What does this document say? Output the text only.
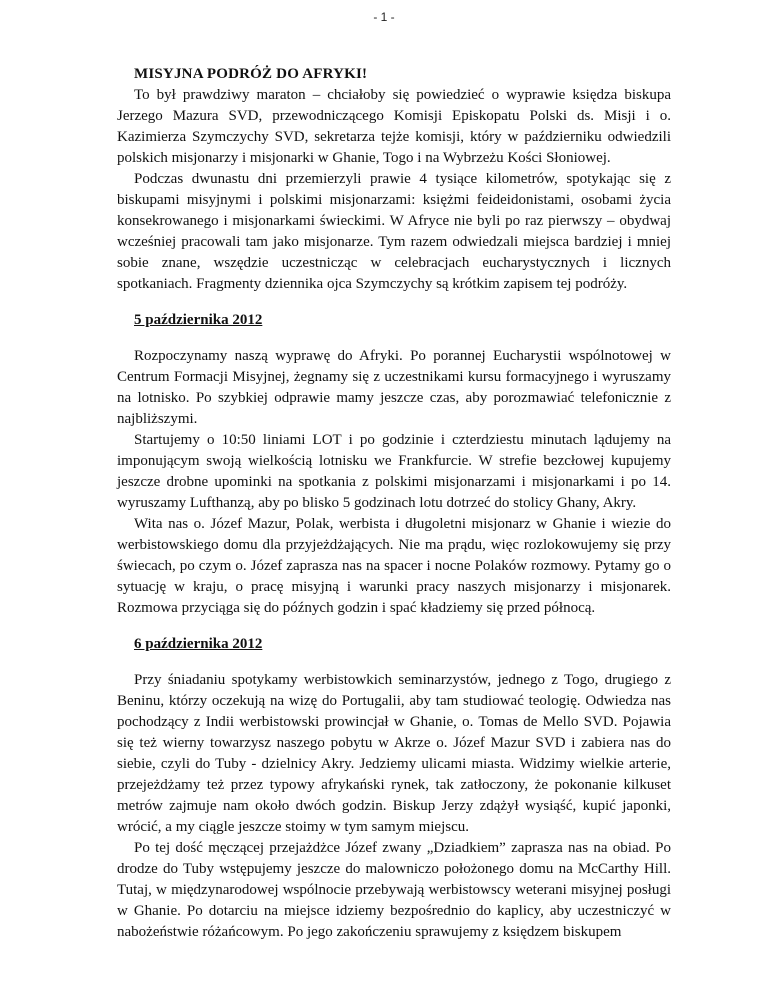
- 1 -
MISYJNA PODRÓŻ DO AFRYKI!

To był prawdziwy maraton – chciałoby się powiedzieć o wyprawie księdza biskupa Jerzego Mazura SVD, przewodniczącego Komisji Episkopatu Polski ds. Misji i o. Kazimierza Szymczychy SVD, sekretarza tejże komisji, który w październiku odwiedzili polskich misjonarzy i misjonarki w Ghanie, Togo i na Wybrzeżu Kości Słoniowej.

Podczas dwunastu dni przemierzyli prawie 4 tysiące kilometrów, spotykając się z biskupami misyjnymi i polskimi misjonarzami: księżmi feideidonistami, osobami życia konsekrowanego i misjonarkami świeckimi. W Afryce nie byli po raz pierwszy – obydwaj wcześniej pracowali tam jako misjonarze. Tym razem odwiedzali miejsca bardziej i mniej sobie znane, wszędzie uczestnicząc w celebracjach eucharystycznych i licznych spotkaniach. Fragmenty dziennika ojca Szymczychy są krótkim zapisem tej podróży.

5 października 2012

Rozpoczynamy naszą wyprawę do Afryki. Po porannej Eucharystii wspólnotowej w Centrum Formacji Misyjnej, żegnamy się z uczestnikami kursu formacyjnego i wyruszamy na lotnisko. Po szybkiej odprawie mamy jeszcze czas, aby porozmawiać telefonicznie z najbliższymi.

Startujemy o 10:50 liniami LOT i po godzinie i czterdziestu minutach lądujemy na imponującym swoją wielkością lotnisku we Frankfurcie. W strefie bezcłowej kupujemy jeszcze drobne upominki na spotkania z polskimi misjonarzami i misjonarkami i po 14. wyruszamy Lufthanzą, aby po blisko 5 godzinach lotu dotrzeć do stolicy Ghany, Akry.

Wita nas o. Józef Mazur, Polak, werbista i długoletni misjonarz w Ghanie i wiezie do werbistowskiego domu dla przyjeżdżających. Nie ma prądu, więc rozlokowujemy się przy świecach, po czym o. Józef zaprasza nas na spacer i nocne Polaków rozmowy. Pytamy go o sytuację w kraju, o pracę misyjną i warunki pracy naszych misjonarzy i misjonarek. Rozmowa przyciąga się do późnych godzin i spać kładziemy się przed północą.

6 października 2012

Przy śniadaniu spotykamy werbistowkich seminarzystów, jednego z Togo, drugiego z Beninu, którzy oczekują na wizę do Portugalii, aby tam studiować teologię. Odwiedza nas pochodzący z Indii werbistowski prowincjał w Ghanie, o. Tomas de Mello SVD. Pojawia się też wierny towarzysz naszego pobytu w Akrze o. Józef Mazur SVD i zabiera nas do siebie, czyli do Tuby - dzielnicy Akry. Jedziemy ulicami miasta. Widzimy wielkie arterie, przejeżdżamy też przez typowy afrykański rynek, tak zatłoczony, że pokonanie kilkuset metrów zajmuje nam około dwóch godzin. Biskup Jerzy zdążył wysiąść, kupić japonki, wrócić, a my ciągle jeszcze stoimy w tym samym miejscu.

Po tej dość męczącej przejażdżce Józef zwany „Dziadkiem” zaprasza nas na obiad. Po drodze do Tuby wstępujemy jeszcze do malowniczo położonego domu na McCarthy Hill. Tutaj, w międzynarodowej wspólnocie przebywają werbistowscy weterani misyjnej posługi w Ghanie. Po dotarciu na miejsce idziemy bezpośrednio do kaplicy, aby uczestniczyć w nabożeństwie różańcowym. Po jego zakończeniu sprawujemy z księdzem biskupem
